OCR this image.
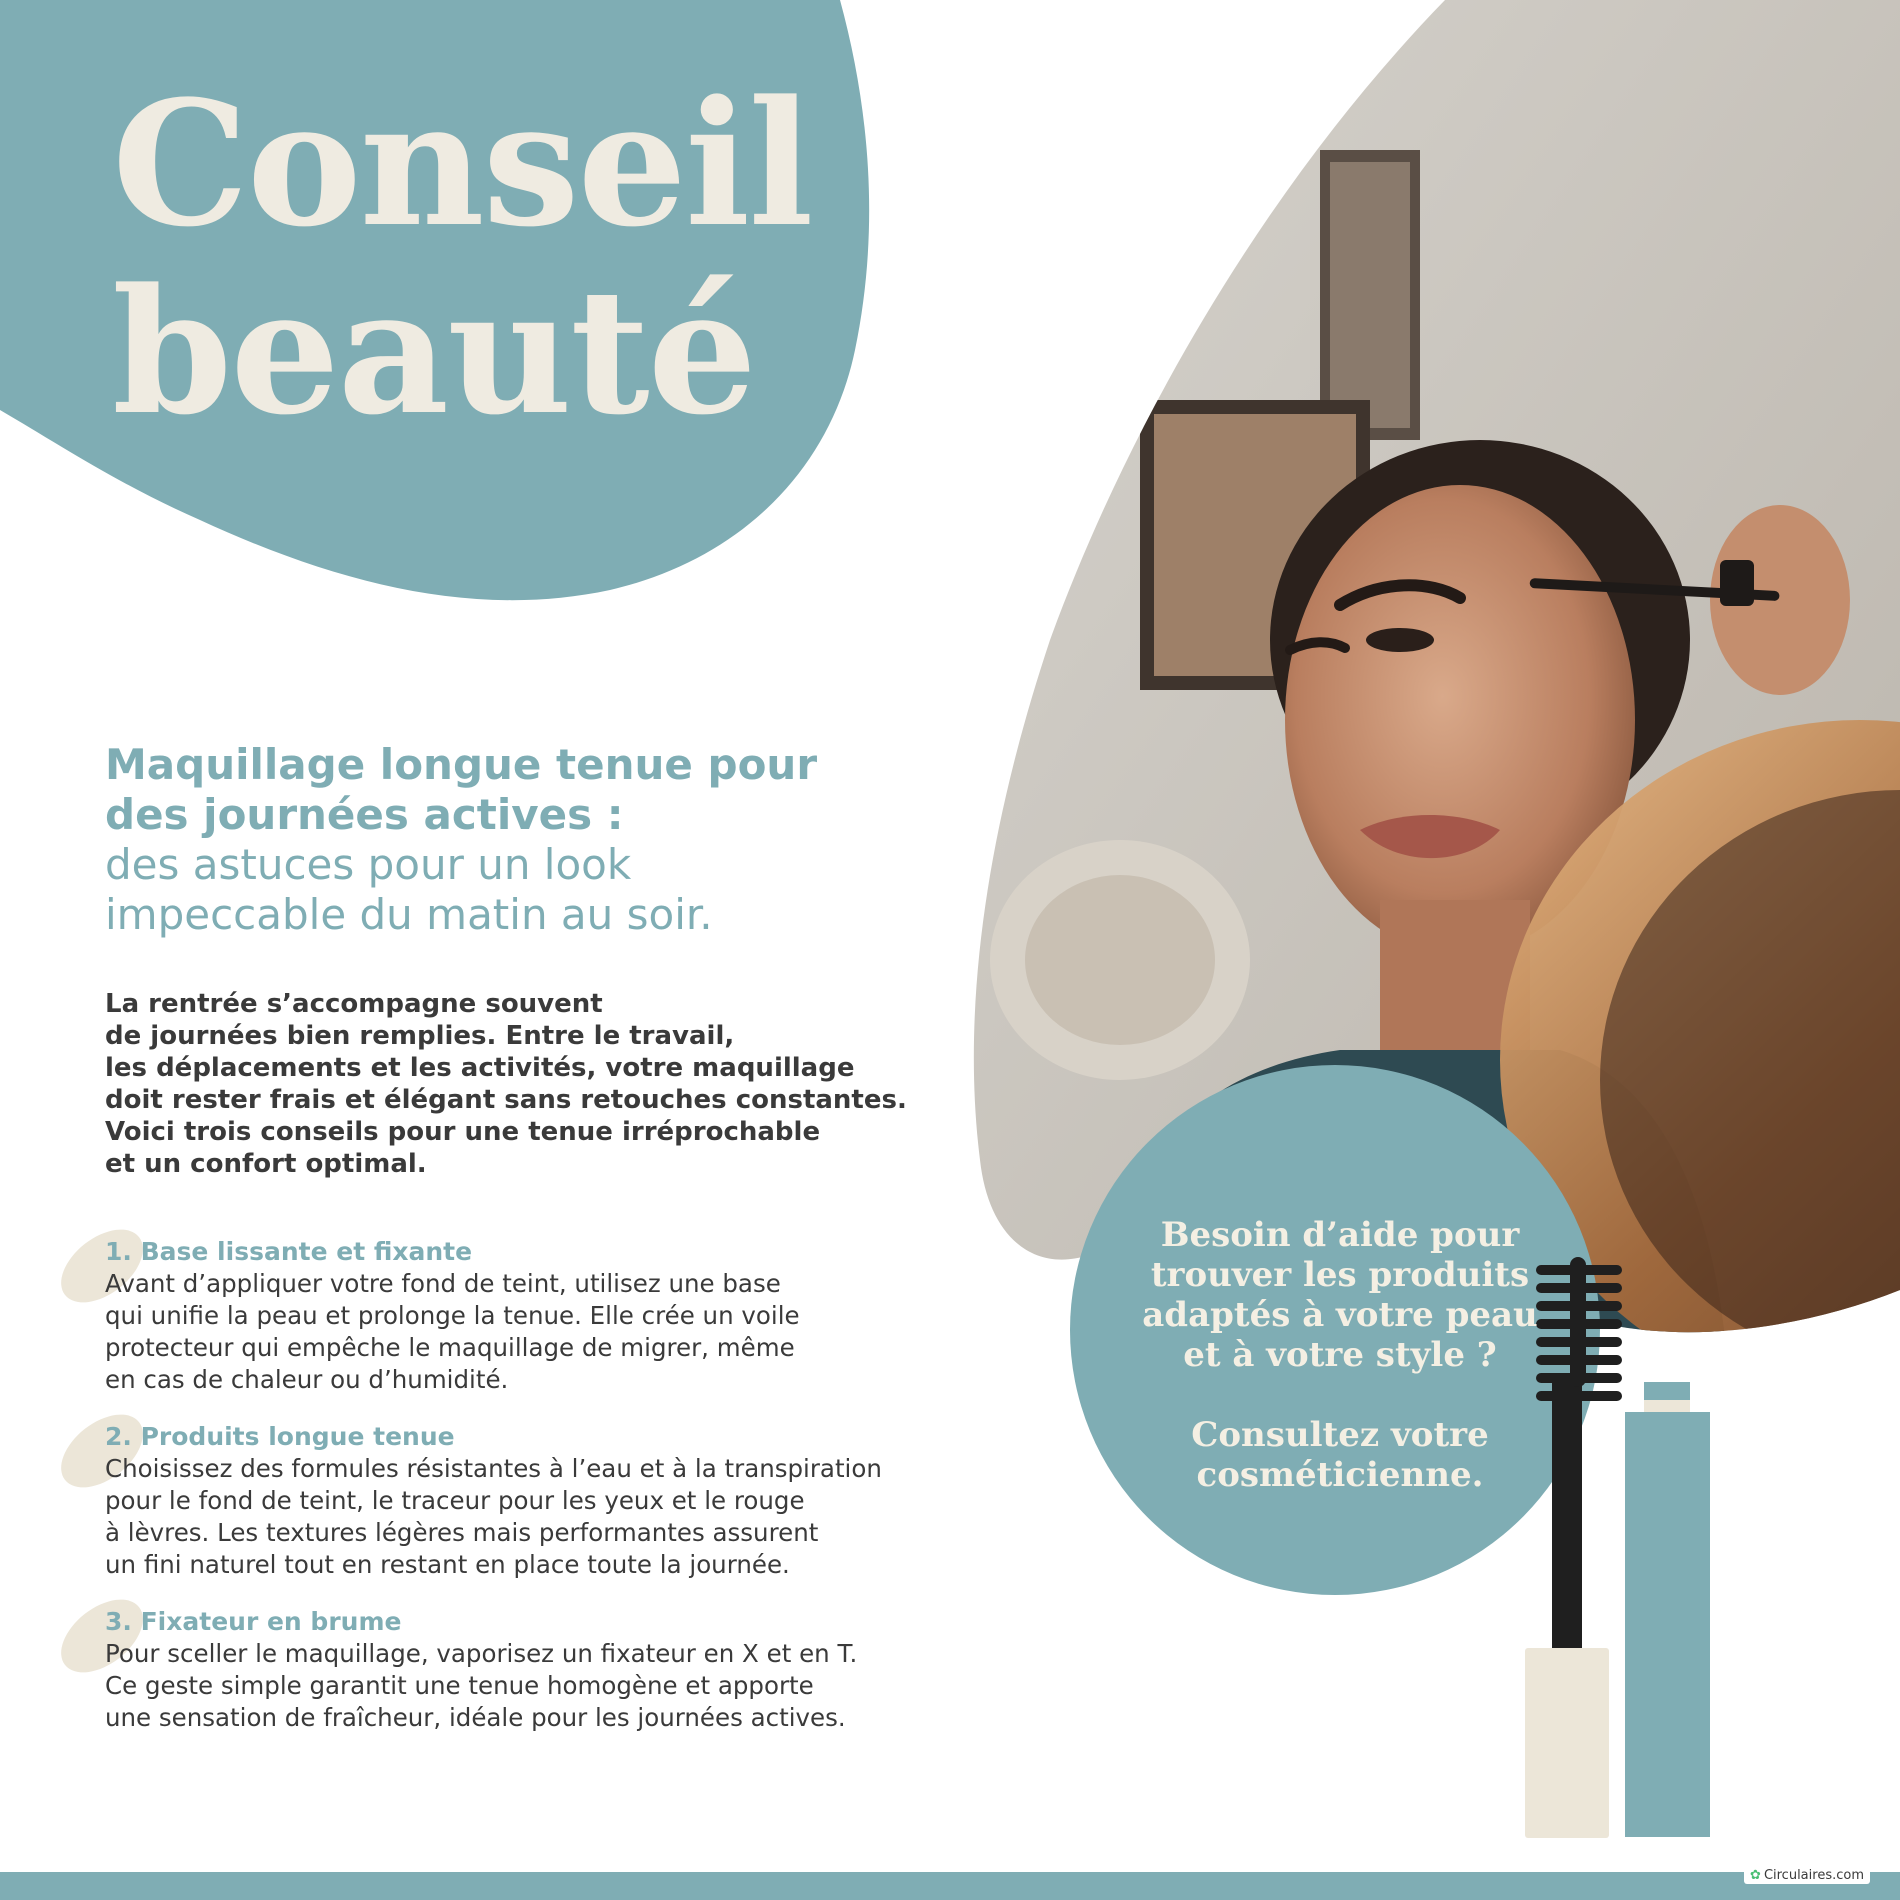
Conseil
beauté
Maquillage longue tenue pour
des journées actives :
des astuces pour un look
impeccable du matin au soir.

La rentrée s’accompagne souvent
de journées bien remplies. Entre le travail,
les déplacements et les activités, votre maquillage
doit rester frais et élégant sans retouches constantes.
Voici trois conseils pour une tenue irréprochable
et un confort optimal.

1. Base lissante et fixante

Avant d’appliquer votre fond de teint, utilisez une base
qui unifie la peau et prolonge la tenue. Elle crée un voile
protecteur qui empêche le maquillage de migrer, même
en cas de chaleur ou d’humidité.

2. Produits longue tenue

Choisissez des formules résistantes à l’eau et à la transpiration
pour le fond de teint, le traceur pour les yeux et le rouge
à lèvres. Les textures légères mais performantes assurent
un fini naturel tout en restant en place toute la journée.

3. Fixateur en brume

Pour sceller le maquillage, vaporisez un fixateur en X et en T.
Ce geste simple garantit une tenue homogène et apporte
une sensation de fraîcheur, idéale pour les journées actives.

Besoin d’aide pour
trouver les produits
adaptés à votre peau
et à votre style ?

Consultez votre
cosméticienne.

✿ Circulaires.com
